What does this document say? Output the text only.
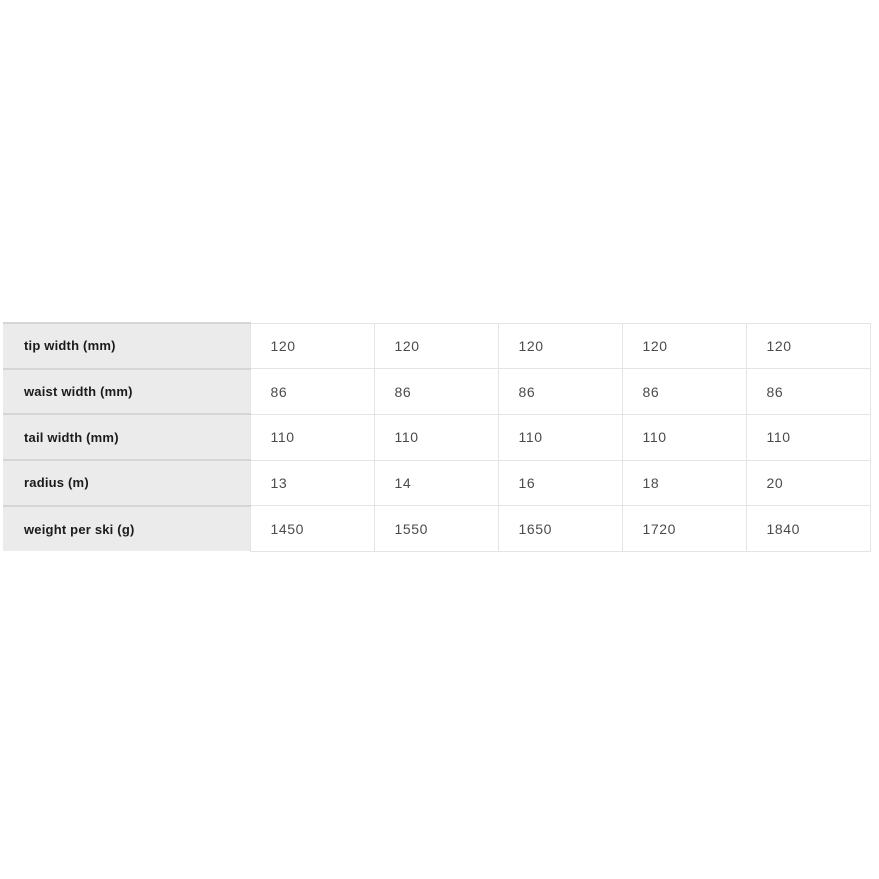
tip width (mm)	120	120	120	120	120
waist width (mm)	86	86	86	86	86
tail width (mm)	110	110	110	110	110
radius (m)	13	14	16	18	20
weight per ski (g)	1450	1550	1650	1720	1840
